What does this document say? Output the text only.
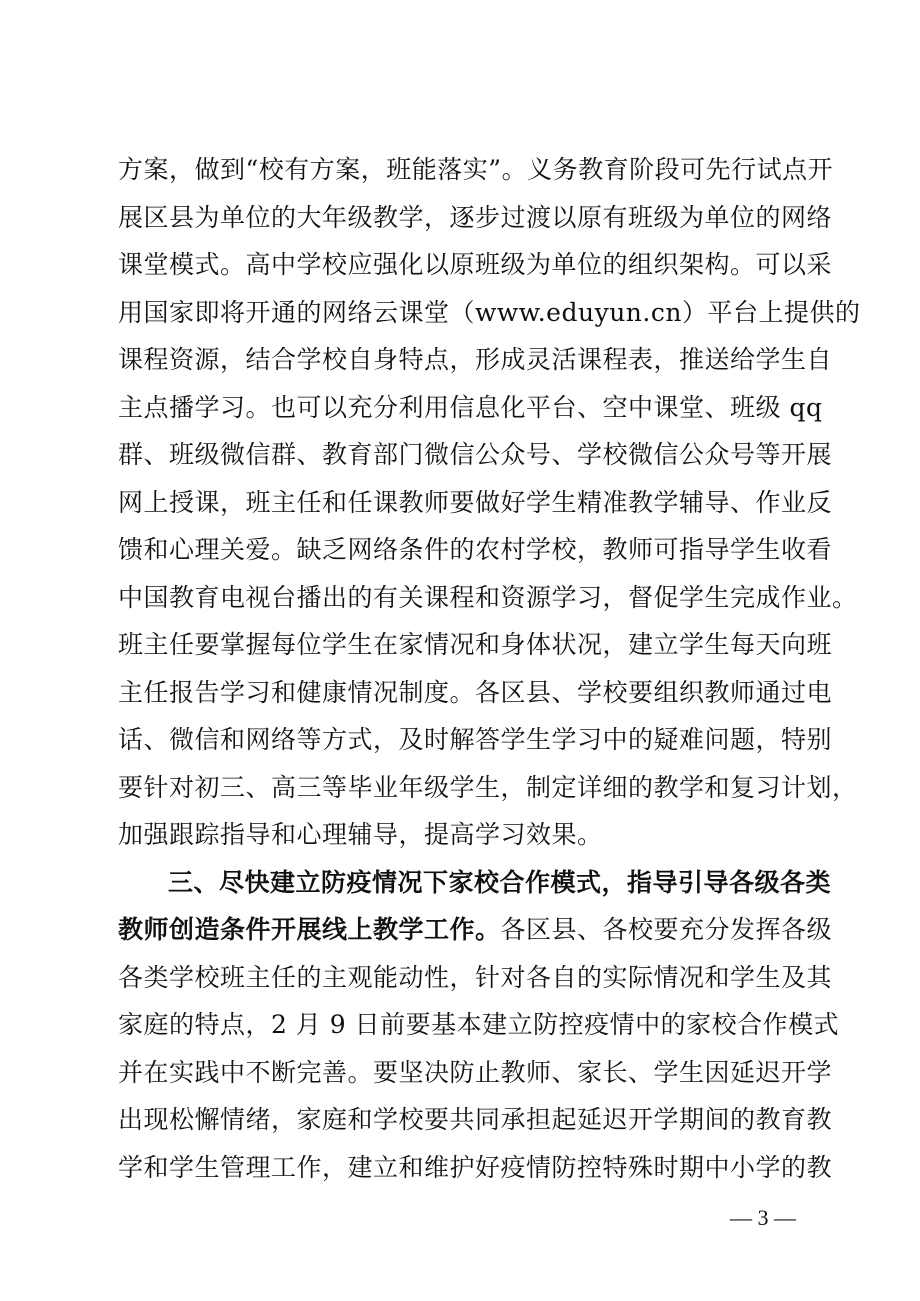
方案，做到“校有方案，班能落实”。义务教育阶段可先行试点开
展区县为单位的大年级教学，逐步过渡以原有班级为单位的网络
课堂模式。高中学校应强化以原班级为单位的组织架构。可以采
用国家即将开通的网络云课堂（www.eduyun.cn）平台上提供的
课程资源，结合学校自身特点，形成灵活课程表，推送给学生自
主点播学习。也可以充分利用信息化平台、空中课堂、班级 qq
群、班级微信群、教育部门微信公众号、学校微信公众号等开展
网上授课，班主任和任课教师要做好学生精准教学辅导、作业反
馈和心理关爱。缺乏网络条件的农村学校，教师可指导学生收看
中国教育电视台播出的有关课程和资源学习，督促学生完成作业。
班主任要掌握每位学生在家情况和身体状况，建立学生每天向班
主任报告学习和健康情况制度。各区县、学校要组织教师通过电
话、微信和网络等方式，及时解答学生学习中的疑难问题，特别
要针对初三、高三等毕业年级学生，制定详细的教学和复习计划，
加强跟踪指导和心理辅导，提高学习效果。
三、尽快建立防疫情况下家校合作模式，指导引导各级各类
教师创造条件开展线上教学工作。各区县、各校要充分发挥各级
各类学校班主任的主观能动性，针对各自的实际情况和学生及其
家庭的特点，2 月 9 日前要基本建立防控疫情中的家校合作模式
并在实践中不断完善。要坚决防止教师、家长、学生因延迟开学
出现松懈情绪，家庭和学校要共同承担起延迟开学期间的教育教
学和学生管理工作，建立和维护好疫情防控特殊时期中小学的教
— 3 —
